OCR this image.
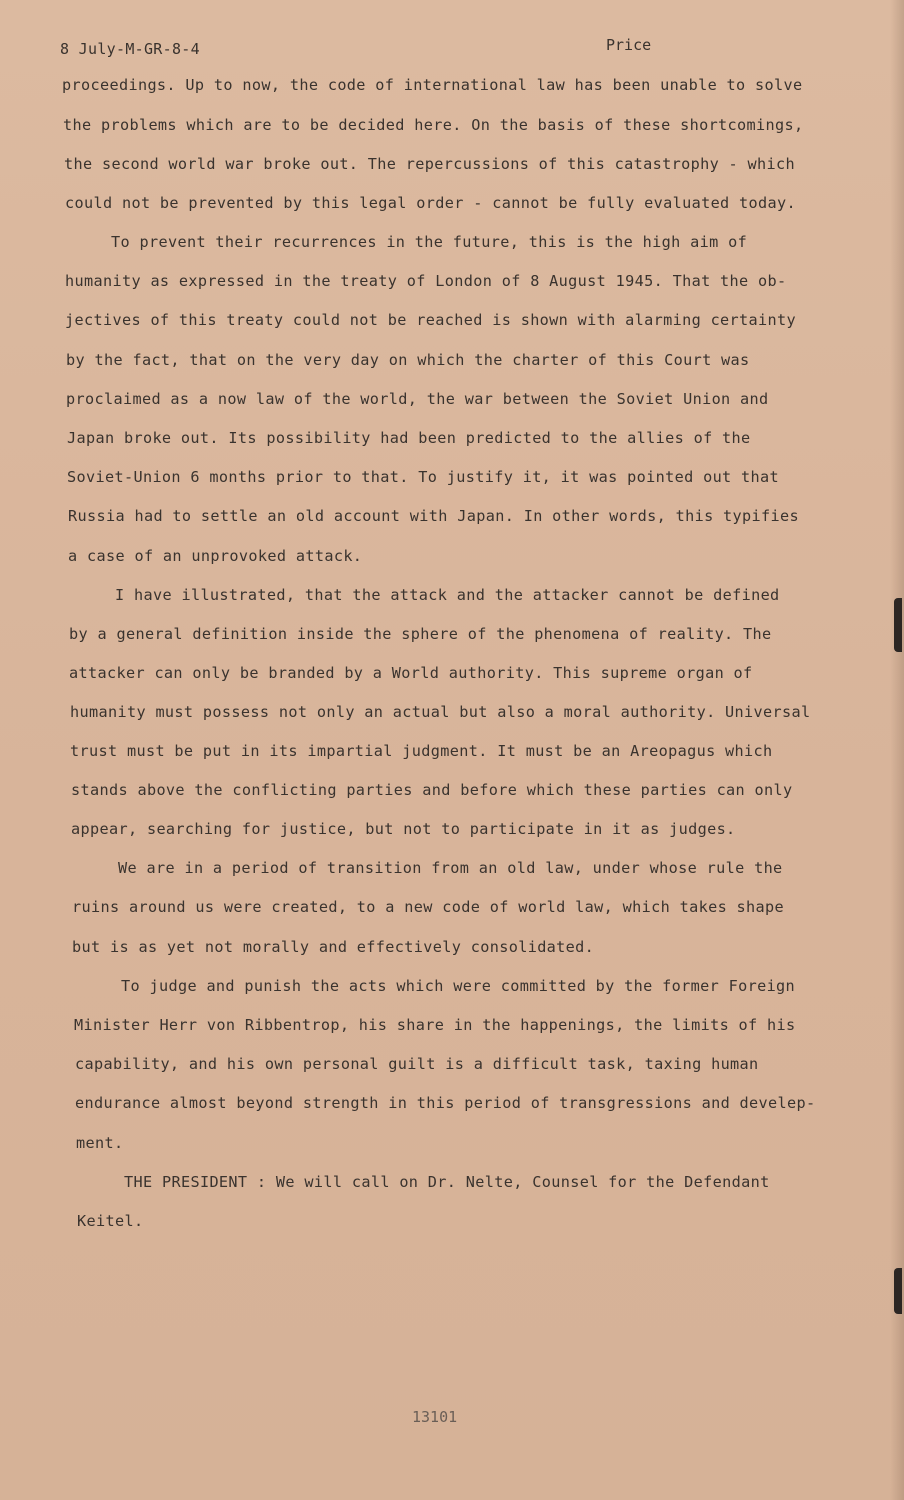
8 July-M-GR-8-4	Price
proceedings. Up to now, the code of international law has been unable to solve
the problems which are to be decided here. On the basis of these shortcomings,
the second world war broke out. The repercussions of this catastrophy - which
could not be prevented by this legal order - cannot be fully evaluated today.
To prevent their recurrences in the future, this is the high aim of
humanity as expressed in the treaty of London of 8 August 1945. That the ob-
jectives of this treaty could not be reached is shown with alarming certainty
by the fact, that on the very day on which the charter of this Court was
proclaimed as a now law of the world, the war between the Soviet Union and
Japan broke out. Its possibility had been predicted to the allies of the
Soviet-Union 6 months prior to that. To justify it, it was pointed out that
Russia had to settle an old account with Japan. In other words, this typifies
a case of an unprovoked attack.
I have illustrated, that the attack and the attacker cannot be defined
by a general definition inside the sphere of the phenomena of reality. The
attacker can only be branded by a World authority. This supreme organ of
humanity must possess not only an actual but also a moral authority. Universal
trust must be put in its impartial judgment. It must be an Areopagus which
stands above the conflicting parties and before which these parties can only
appear, searching for justice, but not to participate in it as judges.
We are in a period of transition from an old law, under whose rule the
ruins around us were created, to a new code of world law, which takes shape
but is as yet not morally and effectively consolidated.
To judge and punish the acts which were committed by the former Foreign
Minister Herr von Ribbentrop, his share in the happenings, the limits of his
capability, and his own personal guilt is a difficult task, taxing human
endurance almost beyond strength in this period of transgressions and develep-
ment.
THE PRESIDENT : We will call on Dr. Nelte, Counsel for the Defendant
Keitel.
13101
